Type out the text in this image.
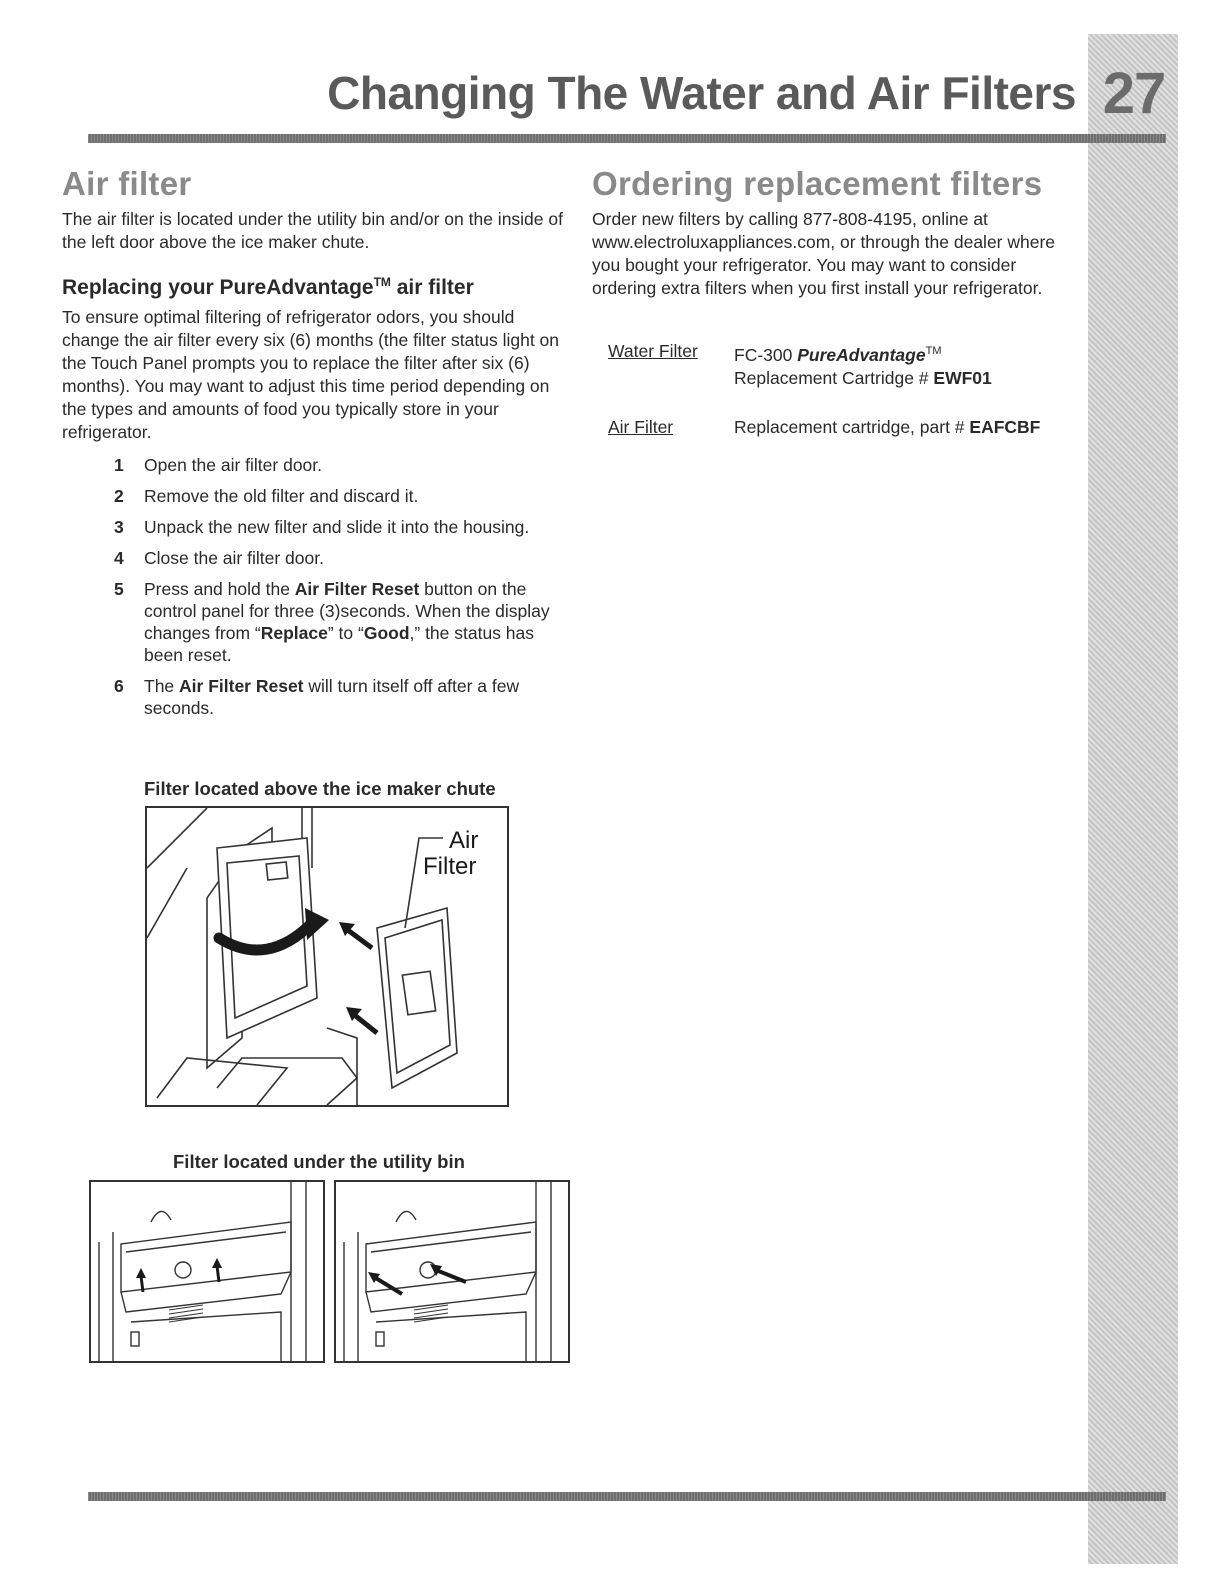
27
Changing The Water and Air Filters
Air filter

The air filter is located under the utility bin and/or on the inside of the left door above the ice maker chute.

Replacing your PureAdvantage™ air filter

To ensure optimal filtering of refrigerator odors, you should change the air filter every six (6) months (the filter status light on the Touch Panel prompts you to replace the filter after six (6) months). You may want to adjust this time period depending on the types and amounts of food you typically store in your refrigerator.

1 Open the air filter door.
2 Remove the old filter and discard it.
3 Unpack the new filter and slide it into the housing.
4 Close the air filter door.
5 Press and hold the Air Filter Reset button on the control panel for three (3)seconds. When the display changes from “Replace” to “Good,” the status has been reset.
6 The Air Filter Reset will turn itself off after a few seconds.
Filter located above the ice maker chute
Air
Filter
Filter located under the utility bin
Ordering replacement filters

Order new filters by calling 877-808-4195, online at www.electroluxappliances.com, or through the dealer where you bought your refrigerator. You may want to consider ordering extra filters when you first install your refrigerator.

Water Filter	FC-300 PureAdvantage™
Replacement Cartridge # EWF01
Air Filter	Replacement cartridge, part # EAFCBF
